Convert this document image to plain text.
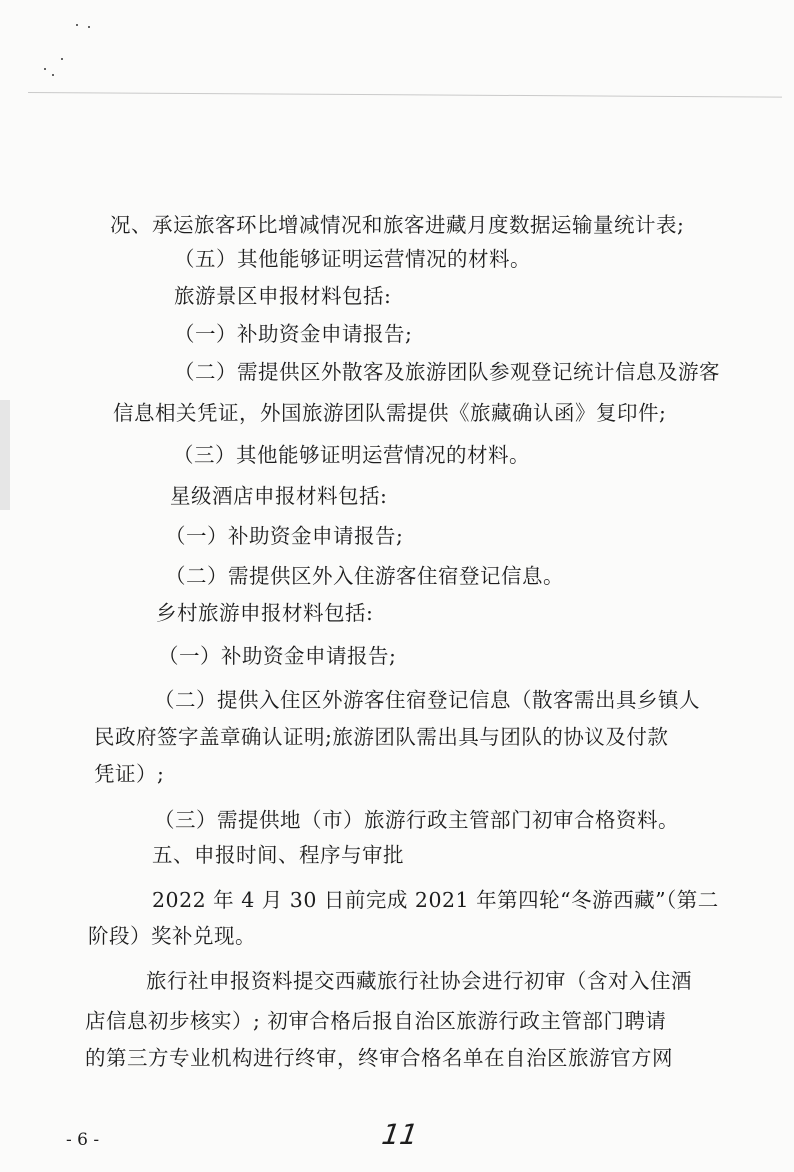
况、承运旅客环比增减情况和旅客进藏月度数据运输量统计表;
（五）其他能够证明运营情况的材料。
旅游景区申报材料包括:
（一）补助资金申请报告;
（二）需提供区外散客及旅游团队参观登记统计信息及游客
信息相关凭证，外国旅游团队需提供《旅藏确认函》复印件;
（三）其他能够证明运营情况的材料。
星级酒店申报材料包括:
（一）补助资金申请报告;
（二）需提供区外入住游客住宿登记信息。
乡村旅游申报材料包括:
（一）补助资金申请报告;
（二）提供入住区外游客住宿登记信息（散客需出具乡镇人
民政府签字盖章确认证明;旅游团队需出具与团队的协议及付款
凭证）;
（三）需提供地（市）旅游行政主管部门初审合格资料。
五、申报时间、程序与审批
2022 年 4 月 30 日前完成 2021 年第四轮“冬游西藏”（第二
阶段）奖补兑现。
旅行社申报资料提交西藏旅行社协会进行初审（含对入住酒
店信息初步核实）; 初审合格后报自治区旅游行政主管部门聘请
的第三方专业机构进行终审，终审合格名单在自治区旅游官方网
- 6 -	11
